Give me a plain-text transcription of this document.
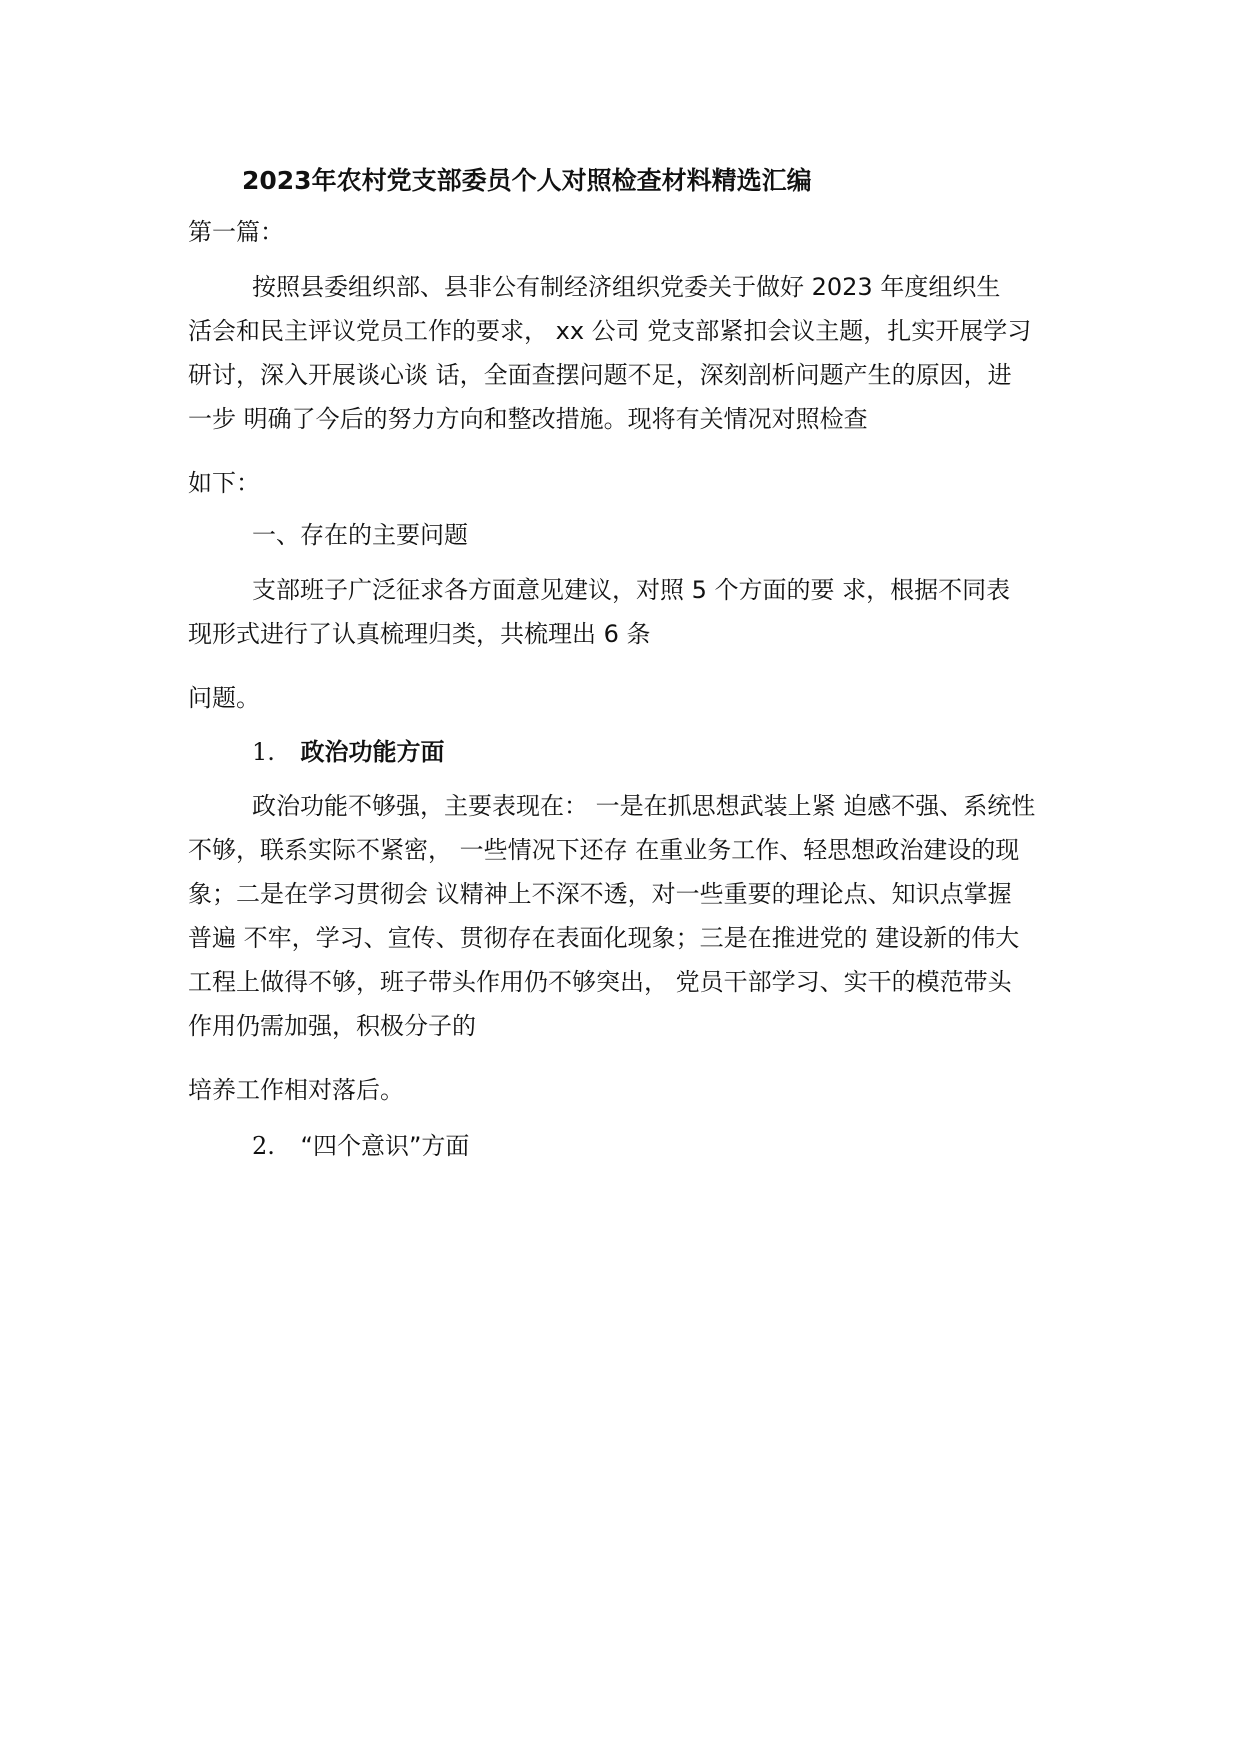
2023年农村党支部委员个人对照检查材料精选汇编
第一篇：
按照县委组织部、县非公有制经济组织党委关于做好 2023 年度组织生
活会和民主评议党员工作的要求， xx 公司 党支部紧扣会议主题，扎实开展学习
研讨，深入开展谈心谈 话，全面查摆问题不足，深刻剖析问题产生的原因，进
一步 明确了今后的努力方向和整改措施。现将有关情况对照检查
如下：
一、存在的主要问题
支部班子广泛征求各方面意见建议，对照 5 个方面的要 求，根据不同表
现形式进行了认真梳理归类，共梳理出 6 条
问题。
1. 政治功能方面
政治功能不够强，主要表现在： 一是在抓思想武装上紧 迫感不强、系统性
不够，联系实际不紧密， 一些情况下还存 在重业务工作、轻思想政治建设的现
象；二是在学习贯彻会 议精神上不深不透，对一些重要的理论点、知识点掌握
普遍 不牢，学习、宣传、贯彻存在表面化现象；三是在推进党的 建设新的伟大
工程上做得不够，班子带头作用仍不够突出， 党员干部学习、实干的模范带头
作用仍需加强，积极分子的
培养工作相对落后。
2. “四个意识”方面
